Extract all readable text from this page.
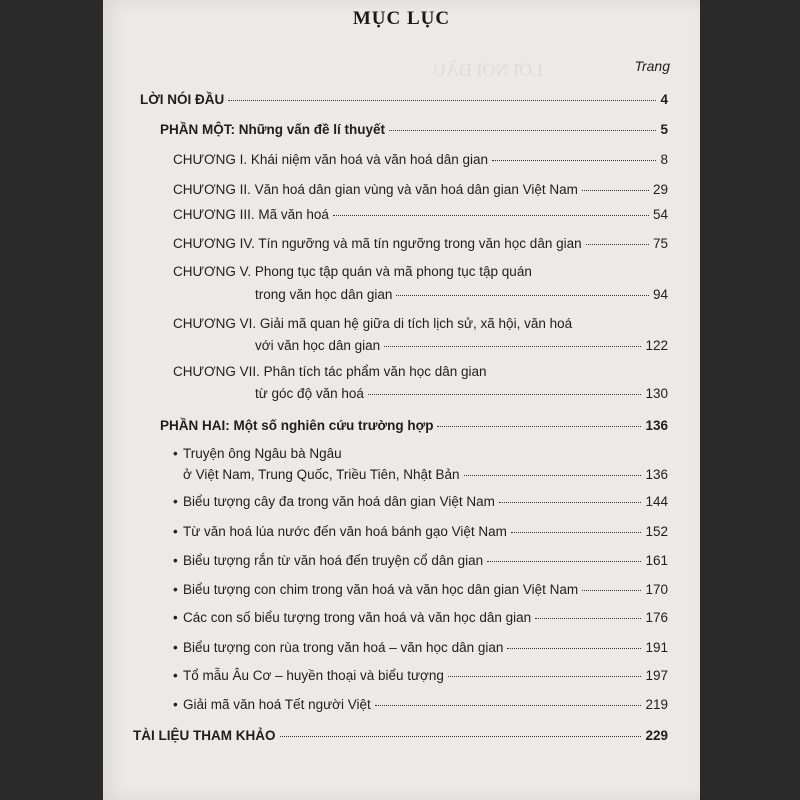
LỜI NÓI ĐẦU
MỤC LỤC
Trang
LỜI NÓI ĐẦU	4
PHẦN MỘT: Những vấn đề lí thuyết	5
CHƯƠNG I. Khái niệm văn hoá và văn hoá dân gian	8
CHƯƠNG II. Văn hoá dân gian vùng và văn hoá dân gian Việt Nam	29
CHƯƠNG III. Mã văn hoá	54
CHƯƠNG IV. Tín ngưỡng và mã tín ngưỡng trong văn học dân gian	75
CHƯƠNG V. Phong tục tập quán và mã phong tục tập quán
trong văn học dân gian	94
CHƯƠNG VI. Giải mã quan hệ giữa di tích lịch sử, xã hội, văn hoá
với văn học dân gian	122
CHƯƠNG VII. Phân tích tác phẩm văn học dân gian
từ góc độ văn hoá	130
PHẦN HAI: Một số nghiên cứu trường hợp	136
• Truyện ông Ngâu bà Ngâu
ở Việt Nam, Trung Quốc, Triều Tiên, Nhật Bản	136
• Biểu tượng cây đa trong văn hoá dân gian Việt Nam	144
• Từ văn hoá lúa nước đến văn hoá bánh gạo Việt Nam	152
• Biểu tượng rắn từ văn hoá đến truyện cổ dân gian	161
• Biểu tượng con chim trong văn hoá và văn học dân gian Việt Nam	170
• Các con số biểu tượng trong văn hoá và văn học dân gian	176
• Biểu tượng con rùa trong văn hoá – văn học dân gian	191
• Tổ mẫu Âu Cơ – huyền thoại và biểu tượng	197
• Giải mã văn hoá Tết người Việt	219
TÀI LIỆU THAM KHẢO	229
